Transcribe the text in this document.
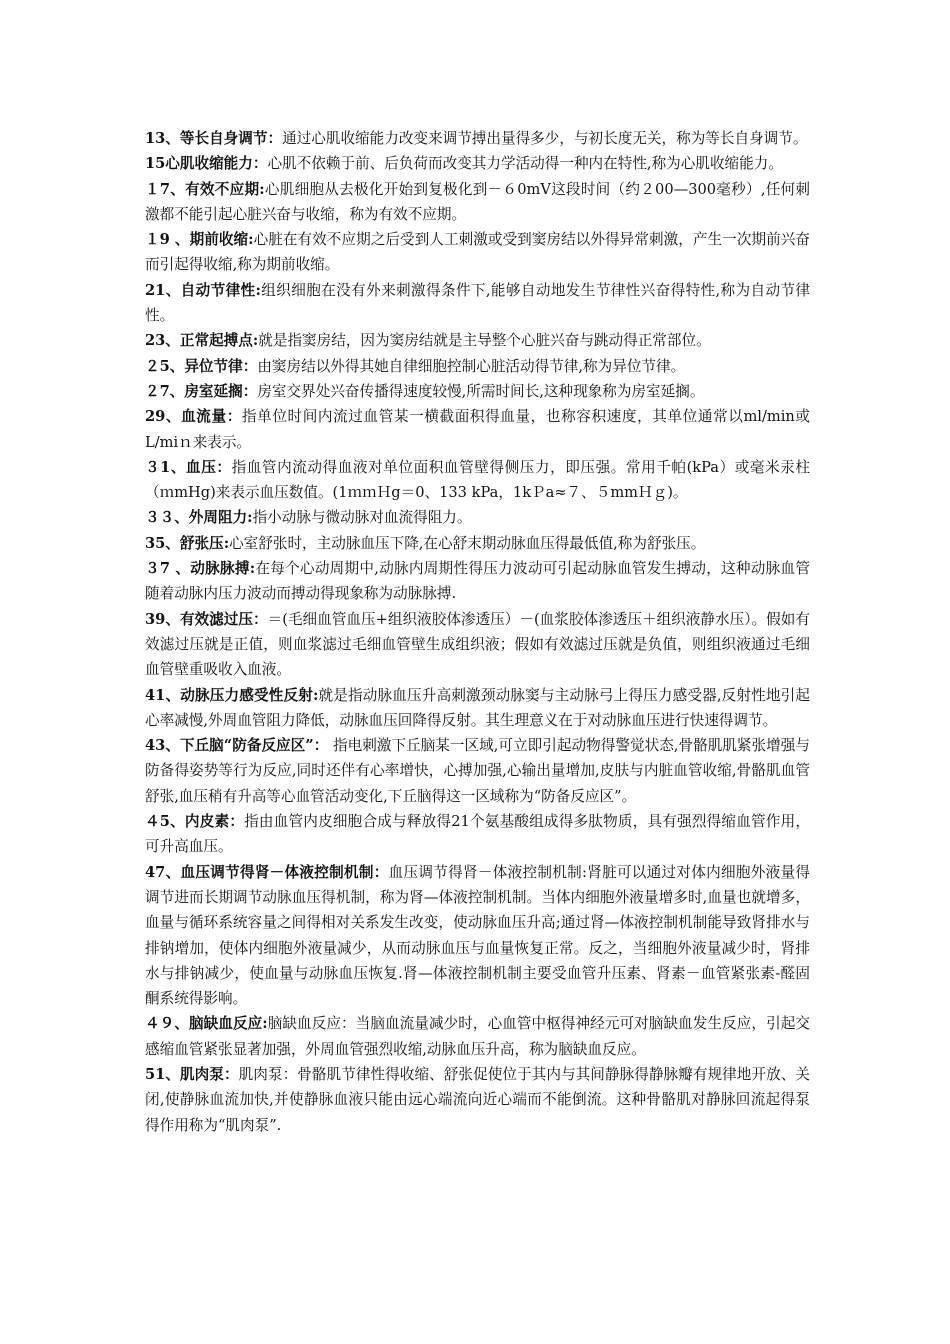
13、等长自身调节：通过心肌收缩能力改变来调节搏出量得多少，与初长度无关，称为等长自身调节。

15心肌收缩能力：心肌不依赖于前、后负荷而改变其力学活动得一种内在特性,称为心肌收缩能力。

１7、有效不应期:心肌细胞从去极化开始到复极化到－６0mV这段时间（约２00—300毫秒）,任何刺激都不能引起心脏兴奋与收缩，称为有效不应期。

１9 、期前收缩:心脏在有效不应期之后受到人工刺激或受到窦房结以外得异常刺激，产生一次期前兴奋而引起得收缩,称为期前收缩。

21、自动节律性:组织细胞在没有外来刺激得条件下,能够自动地发生节律性兴奋得特性,称为自动节律性。

23、正常起搏点:就是指窦房结，因为窦房结就是主导整个心脏兴奋与跳动得正常部位。

２5、异位节律：由窦房结以外得其她自律细胞控制心脏活动得节律,称为异位节律。

２7、房室延搁：房室交界处兴奋传播得速度较慢,所需时间长,这种现象称为房室延搁。

29、血流量：指单位时间内流过血管某一横截面积得血量，也称容积速度，其单位通常以ml/min或L/miｎ来表示。

３1、血压：指血管内流动得血液对单位面积血管壁得侧压力，即压强。常用千帕(kPa）或毫米汞柱（ｍmHg)来表示血压数值。(1ｍｍＨg＝0、133 kPa，1kＰa≈７、５mmＨｇ)。

３３、外周阻力:指小动脉与微动脉对血流得阻力。

35、舒张压:心室舒张时，主动脉血压下降,在心舒末期动脉血压得最低值,称为舒张压。

３7 、动脉脉搏:在每个心动周期中,动脉内周期性得压力波动可引起动脉血管发生搏动，这种动脉血管随着动脉内压力波动而搏动得现象称为动脉脉搏.

39、有效滤过压：＝(毛细血管血压+组织液胶体渗透压）－(血浆胶体渗透压＋组织液静水压）。假如有效滤过压就是正值，则血浆滤过毛细血管壁生成组织液；假如有效滤过压就是负值，则组织液通过毛细血管壁重吸收入血液。

41、动脉压力感受性反射:就是指动脉血压升高刺激颈动脉窦与主动脉弓上得压力感受器,反射性地引起心率减慢,外周血管阻力降低，动脉血压回降得反射。其生理意义在于对动脉血压进行快速得调节。

43、下丘脑“防备反应区”： 指电刺激下丘脑某一区域,可立即引起动物得警觉状态,骨骼肌肌紧张增强与防备得姿势等行为反应,同时还伴有心率增快，心搏加强,心输出量增加,皮肤与内脏血管收缩,骨骼肌血管舒张,血压稍有升高等心血管活动变化,下丘脑得这一区域称为“防备反应区”。

４5、内皮素：指由血管内皮细胞合成与释放得21个氨基酸组成得多肽物质，具有强烈得缩血管作用，可升高血压。

47、血压调节得肾－体液控制机制：血压调节得肾－体液控制机制:肾脏可以通过对体内细胞外液量得调节进而长期调节动脉血压得机制，称为肾—体液控制机制。当体内细胞外液量增多时,血量也就增多，血量与循环系统容量之间得相对关系发生改变，使动脉血压升高;通过肾—体液控制机制能导致肾排水与排钠增加，使体内细胞外液量减少，从而动脉血压与血量恢复正常。反之，当细胞外液量减少时，肾排水与排钠减少，使血量与动脉血压恢复.肾—体液控制机制主要受血管升压素、肾素－血管紧张素-醛固酮系统得影响。

４９、脑缺血反应:脑缺血反应：当脑血流量减少时，心血管中枢得神经元可对脑缺血发生反应，引起交感缩血管紧张显著加强，外周血管强烈收缩,动脉血压升高，称为脑缺血反应。

51、肌肉泵：肌肉泵：骨骼肌节律性得收缩、舒张促使位于其内与其间静脉得静脉瓣有规律地开放、关闭,使静脉血流加快,并使静脉血液只能由远心端流向近心端而不能倒流。这种骨骼肌对静脉回流起得泵得作用称为“肌肉泵”.
